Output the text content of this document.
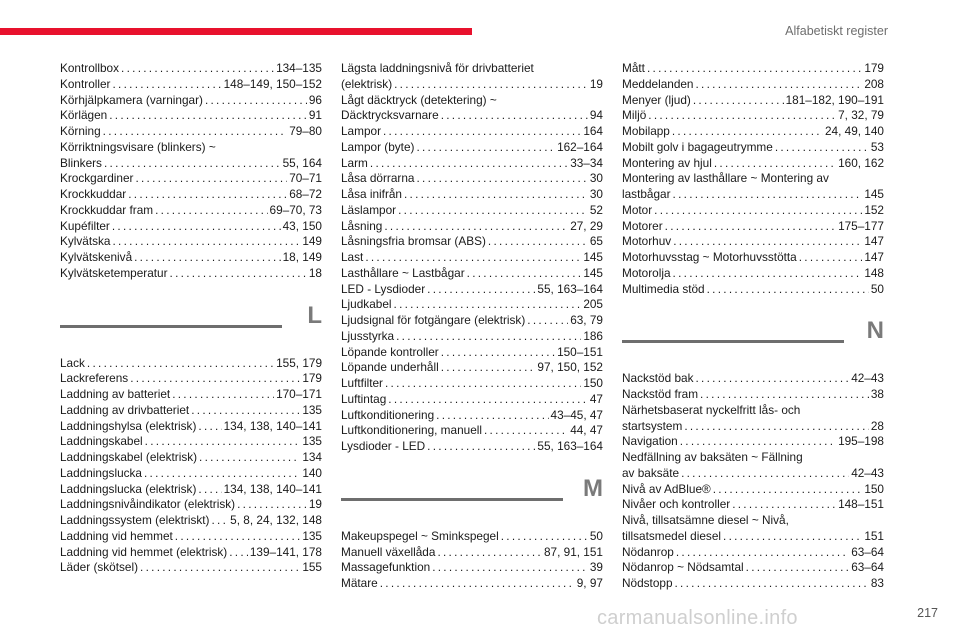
Alfabetiskt register
Kontrollbox . . .	134–135
Kontroller . . .	148–149, 150–152
Körhjälpkamera (varningar) . . .	96
Körlägen . . .	91
Körning . . .	79–80
Körriktningsvisare (blinkers) ~
Blinkers . . .	55, 164
Krockgardiner . . .	70–71
Krockkuddar . . .	68–72
Krockkuddar fram . . .	69–70, 73
Kupéfilter . . .	43, 150
Kylvätska . . .	149
Kylvätskenivå . . .	18, 149
Kylvätsketemperatur . . .	18
L
Lack . . .	155, 179
Lackreferens . . .	179
Laddning av batteriet . . .	170–171
Laddning av drivbatteriet . . .	135
Laddningshylsa (elektrisk) . . . 134, 138, 140–141
Laddningskabel . . .	135
Laddningskabel (elektrisk) . . .	134
Laddningslucka . . .	140
Laddningslucka (elektrisk) . . . 134, 138, 140–141
Laddningsnivåindikator (elektrisk) . . .	19
Laddningssystem (elektriskt) . . . 5, 8, 24, 132, 148
Laddning vid hemmet . . .	135
Laddning vid hemmet (elektrisk) . . . 139–141, 178
Läder (skötsel) . . .	155
Lägsta laddningsnivå för drivbatteriet
(elektrisk) . . .	19
Lågt däcktryck (detektering) ~
Däcktrycksvarnare . . .	94
Lampor . . .	164
Lampor (byte) . . .	162–164
Larm . . .	33–34
Låsa dörrarna . . .	30
Låsa inifrån . . .	30
Läslampor . . .	52
Låsning . . .	27, 29
Låsningsfria bromsar (ABS) . . .	65
Last . . .	145
Lasthållare ~ Lastbågar . . .	145
LED - Lysdioder . . .	55, 163–164
Ljudkabel . . .	205
Ljudsignal för fotgängare (elektrisk) . . .	63, 79
Ljusstyrka . . .	186
Löpande kontroller . . .	150–151
Löpande underhåll . . .	97, 150, 152
Luftfilter . . .	150
Luftintag . . .	47
Luftkonditionering . . .	43–45, 47
Luftkonditionering, manuell . . .	44, 47
Lysdioder - LED . . .	55, 163–164
M
Makeupspegel ~ Sminkspegel . . .	50
Manuell växellåda . . .	87, 91, 151
Massagefunktion . . .	39
Mätare . . .	9, 97
Mått . . .	179
Meddelanden . . .	208
Menyer (ljud) . . .	181–182, 190–191
Miljö . . .	7, 32, 79
Mobilapp . . .	24, 49, 140
Mobilt golv i bagageutrymme . . .	53
Montering av hjul . . .	160, 162
Montering av lasthållare ~ Montering av
lastbågar . . .	145
Motor . . .	152
Motorer . . .	175–177
Motorhuv . . .	147
Motorhuvsstag ~ Motorhuvsstötta . . .	147
Motorolja . . .	148
Multimedia stöd . . .	50
N
Nackstöd bak . . .	42–43
Nackstöd fram . . .	38
Närhetsbaserat nyckelfritt lås- och
startsystem . . .	28
Navigation . . .	195–198
Nedfällning av baksäten ~ Fällning
av baksäte . . .	42–43
Nivå av AdBlue® . . .	150
Nivåer och kontroller . . .	148–151
Nivå, tillsatsämne diesel ~ Nivå,
tillsatsmedel diesel . . .	151
Nödanrop . . .	63–64
Nödanrop ~ Nödsamtal . . .	63–64
Nödstopp . . .	83
carmanualsonline.info	217
